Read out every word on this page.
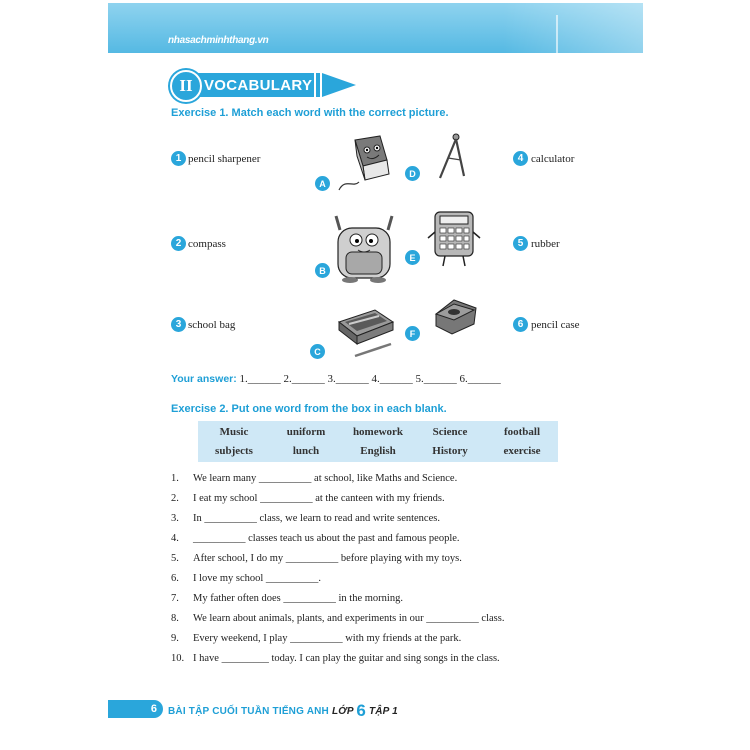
nhasachminhthang.vn
VOCABULARY
II
Exercise 1. Match each word with the correct picture.
1 pencil sharpener
2 compass
3 school bag
4 calculator
5 rubber
6 pencil case
A
D
B
E
C
F
Your answer: 1.______ 2.______ 3.______ 4.______ 5.______ 6.______
Exercise 2. Put one word from the box in each blank.
Music	uniform	homework	Science	football
subjects	lunch	English	History	exercise
1. We learn many __________ at school, like Maths and Science.
2. I eat my school __________ at the canteen with my friends.
3. In __________ class, we learn to read and write sentences.
4. __________ classes teach us about the past and famous people.
5. After school, I do my __________ before playing with my toys.
6. I love my school __________.
7. My father often does __________ in the morning.
8. We learn about animals, plants, and experiments in our __________ class.
9. Every weekend, I play __________ with my friends at the park.
10. I have _________ today. I can play the guitar and sing songs in the class.
6	BÀI TẬP CUỐI TUẦN TIẾNG ANH LỚP 6 TẬP 1
